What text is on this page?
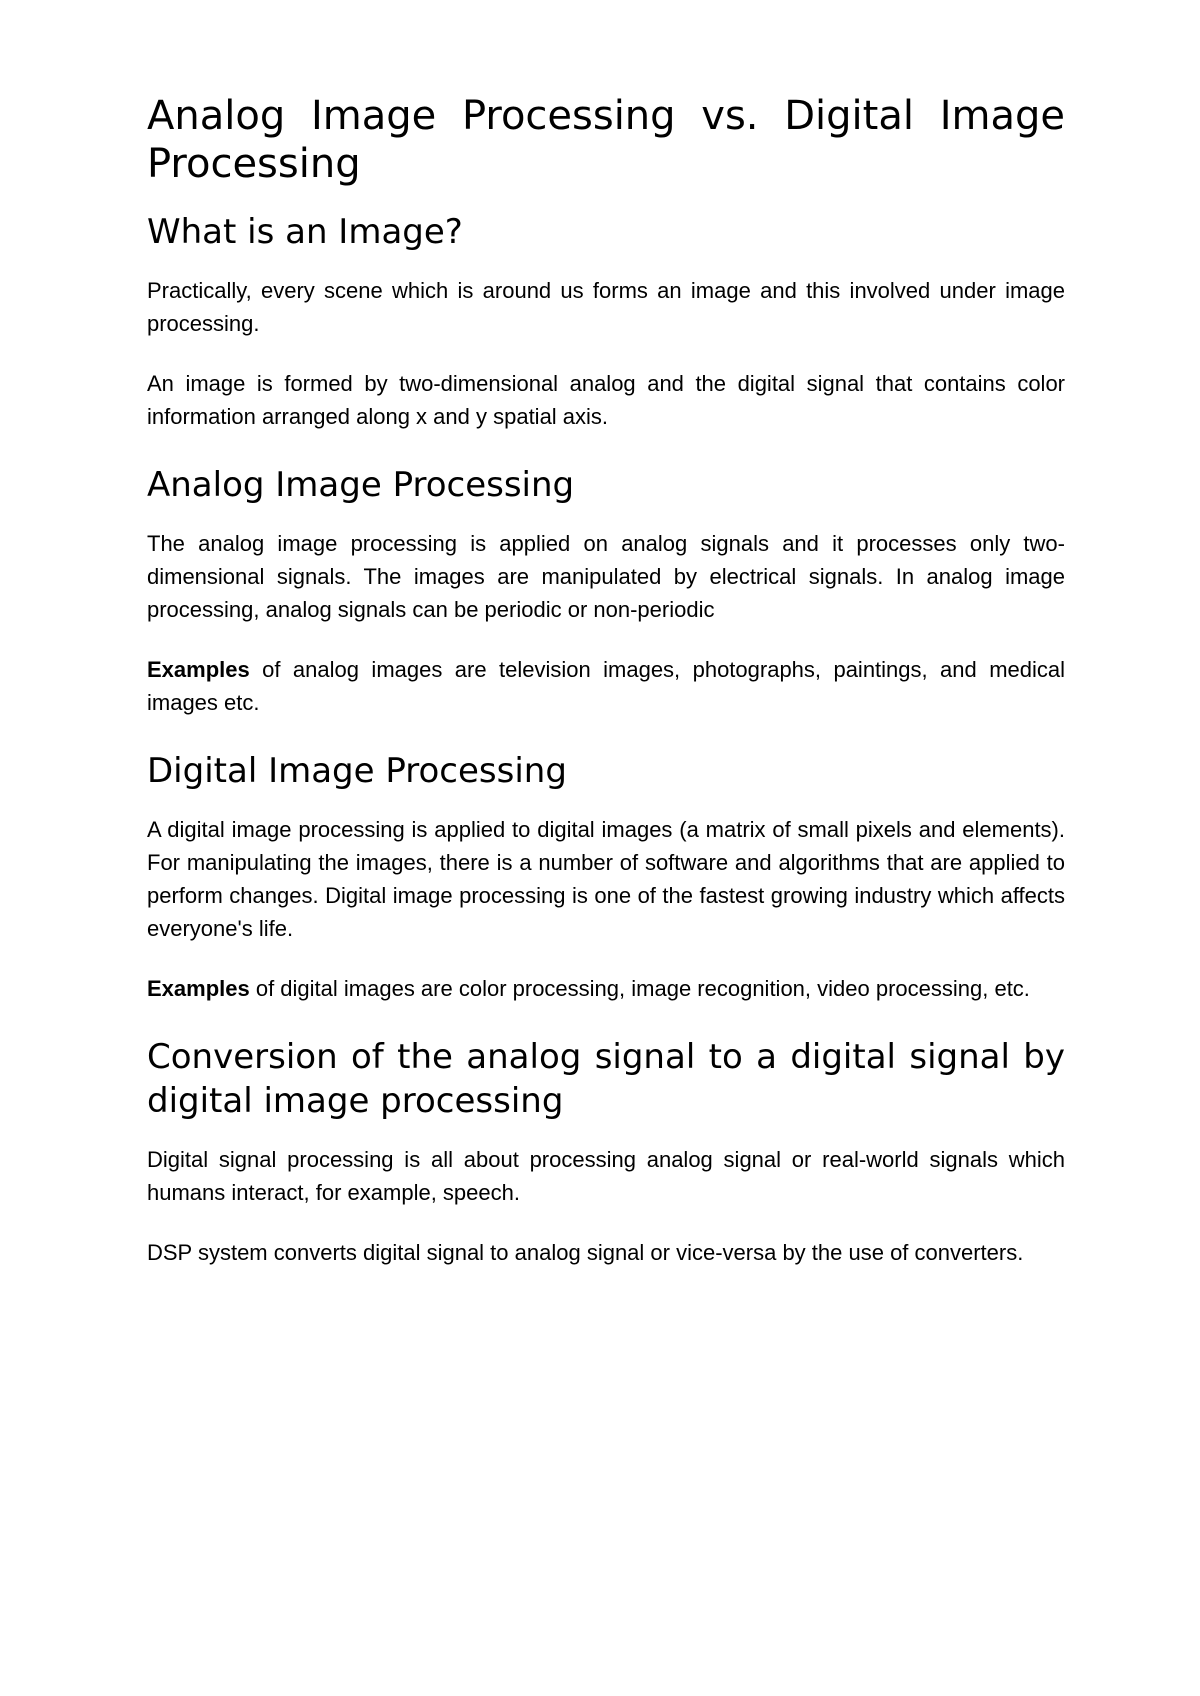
Analog Image Processing vs. Digital Image Processing
What is an Image?

Practically, every scene which is around us forms an image and this involved under image processing.

An image is formed by two-dimensional analog and the digital signal that contains color information arranged along x and y spatial axis.

Analog Image Processing

The analog image processing is applied on analog signals and it processes only two-dimensional signals. The images are manipulated by electrical signals. In analog image processing, analog signals can be periodic or non-periodic

Examples of analog images are television images, photographs, paintings, and medical images etc.

Digital Image Processing

A digital image processing is applied to digital images (a matrix of small pixels and elements). For manipulating the images, there is a number of software and algorithms that are applied to perform changes. Digital image processing is one of the fastest growing industry which affects everyone's life.

Examples of digital images are color processing, image recognition, video processing, etc.

Conversion of the analog signal to a digital signal by digital image processing

Digital signal processing is all about processing analog signal or real-world signals which humans interact, for example, speech.

DSP system converts digital signal to analog signal or vice-versa by the use of converters.
